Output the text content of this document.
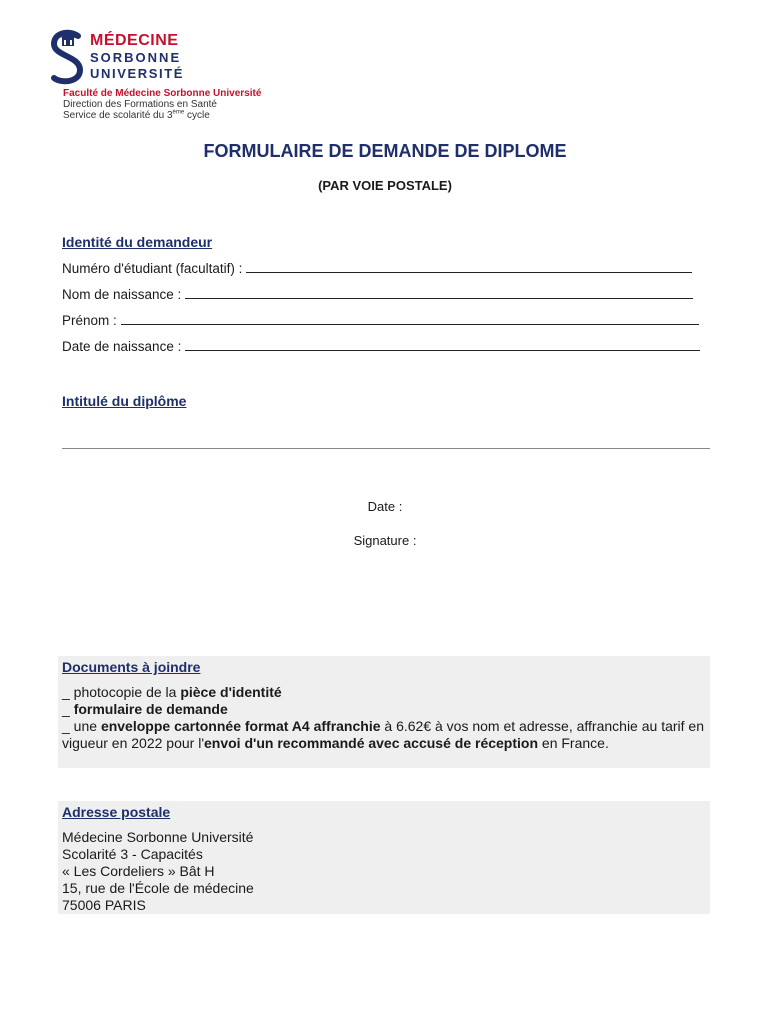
MÉDECINE
SORBONNE
UNIVERSITÉ
Faculté de Médecine Sorbonne Université
Direction des Formations en Santé
Service de scolarité du 3ème cycle
FORMULAIRE DE DEMANDE DE DIPLOME
(PAR VOIE POSTALE)
Identité du demandeur
Numéro d'étudiant (facultatif) :
Nom de naissance :
Prénom :
Date de naissance :
Intitulé du diplôme
Date :
Signature :
Documents à joindre
_ photocopie de la pièce d'identité
_ formulaire de demande
_ une enveloppe cartonnée format A4 affranchie à 6.62€ à vos nom et adresse, affranchie au tarif en vigueur en 2022 pour l'envoi d'un recommandé avec accusé de réception en France.
Adresse postale
Médecine Sorbonne Université
Scolarité 3 - Capacités
« Les Cordeliers » Bât H
15, rue de l'École de médecine
75006 PARIS
